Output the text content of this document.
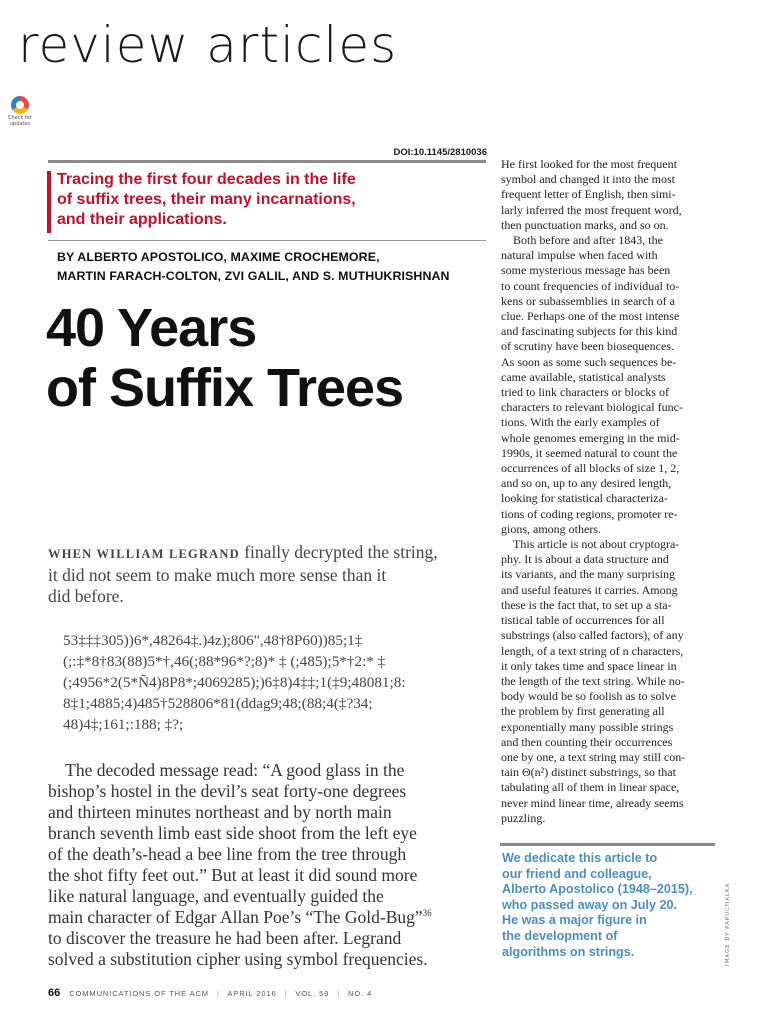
review articles
Check for
updates
DOI:10.1145/2810036
Tracing the first four decades in the life
of suffix trees, their many incarnations,
and their applications.
BY ALBERTO APOSTOLICO, MAXIME CROCHEMORE,
MARTIN FARACH-COLTON, ZVI GALIL, AND S. MUTHUKRISHNAN
40 Years
of Suffix Trees
WHEN WILLIAM LEGRAND finally decrypted the string,
it did not seem to make much more sense than it
did before.
53‡‡‡305))6*,48264‡.)4z);806",48†8P60))85;1‡
(;:‡*8†83(88)5*†,46(;88*96*?;8)* ‡ (;485);5*†2:* ‡
(;4956*2(5*Ñ4)8P8*;4069285);)6‡8)4‡‡;1(‡9;48081;8:
8‡1;4885;4)485†528806*81(ddag9;48;(88;4(‡?34;
48)4‡;161;:188; ‡?;
The decoded message read: “A good glass in the
bishop’s hostel in the devil’s seat forty-one degrees
and thirteen minutes northeast and by north main
branch seventh limb east side shoot from the left eye
of the death’s-head a bee line from the tree through
the shot fifty feet out.” But at least it did sound more
like natural language, and eventually guided the
main character of Edgar Allan Poe’s “The Gold-Bug”$^{36}$
to discover the treasure he had been after. Legrand
solved a substitution cipher using symbol frequencies.
He first looked for the most frequent
symbol and changed it into the most
frequent letter of English, then simi-
larly inferred the most frequent word,
then punctuation marks, and so on.
Both before and after 1843, the
natural impulse when faced with
some mysterious message has been
to count frequencies of individual to-
kens or subassemblies in search of a
clue. Perhaps one of the most intense
and fascinating subjects for this kind
of scrutiny have been biosequences.
As soon as some such sequences be-
came available, statistical analysts
tried to link characters or blocks of
characters to relevant biological func-
tions. With the early examples of
whole genomes emerging in the mid-
1990s, it seemed natural to count the
occurrences of all blocks of size 1, 2,
and so on, up to any desired length,
looking for statistical characteriza-
tions of coding regions, promoter re-
gions, among others.
This article is not about cryptogra-
phy. It is about a data structure and
its variants, and the many surprising
and useful features it carries. Among
these is the fact that, to set up a sta-
tistical table of occurrences for all
substrings (also called factors), of any
length, of a text string of n characters,
it only takes time and space linear in
the length of the text string. While no-
body would be so foolish as to solve
the problem by first generating all
exponentially many possible strings
and then counting their occurrences
one by one, a text string may still con-
tain Θ(n²) distinct substrings, so that
tabulating all of them in linear space,
never mind linear time, already seems
puzzling.
We dedicate this article to
our friend and colleague,
Alberto Apostolico (1948–2015),
who passed away on July 20.
He was a major figure in
the development of
algorithms on strings.	IMAGE BY PAPUCHALKA
66 COMMUNICATIONS OF THE ACM | APRIL 2016 | VOL. 59 | NO. 4
